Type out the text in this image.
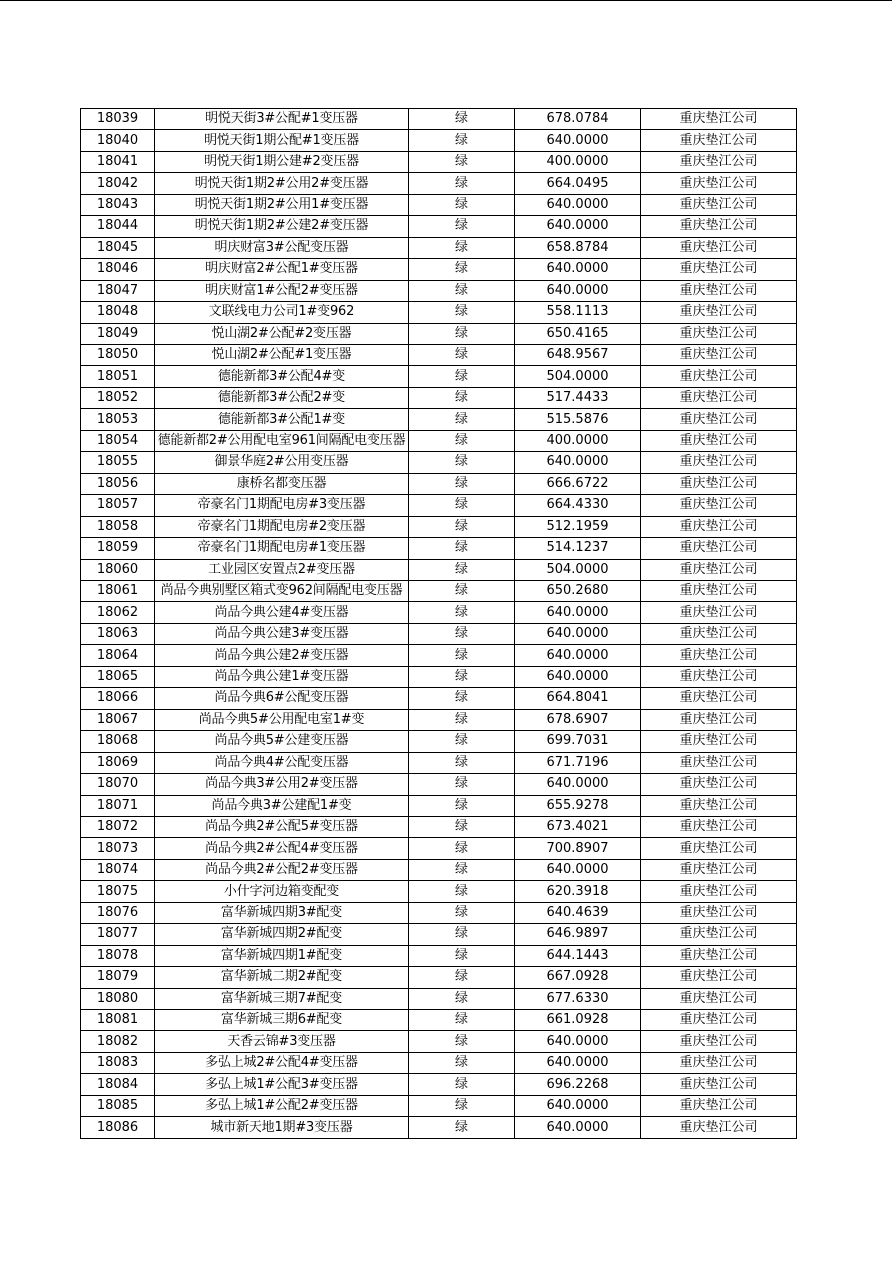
18039	明悦天街3#公配#1变压器	绿	678.0784	重庆垫江公司
18040	明悦天街1期公配#1变压器	绿	640.0000	重庆垫江公司
18041	明悦天街1期公建#2变压器	绿	400.0000	重庆垫江公司
18042	明悦天街1期2#公用2#变压器	绿	664.0495	重庆垫江公司
18043	明悦天街1期2#公用1#变压器	绿	640.0000	重庆垫江公司
18044	明悦天街1期2#公建2#变压器	绿	640.0000	重庆垫江公司
18045	明庆财富3#公配变压器	绿	658.8784	重庆垫江公司
18046	明庆财富2#公配1#变压器	绿	640.0000	重庆垫江公司
18047	明庆财富1#公配2#变压器	绿	640.0000	重庆垫江公司
18048	文联线电力公司1#变962	绿	558.1113	重庆垫江公司
18049	悦山湖2#公配#2变压器	绿	650.4165	重庆垫江公司
18050	悦山湖2#公配#1变压器	绿	648.9567	重庆垫江公司
18051	德能新都3#公配4#变	绿	504.0000	重庆垫江公司
18052	德能新都3#公配2#变	绿	517.4433	重庆垫江公司
18053	德能新都3#公配1#变	绿	515.5876	重庆垫江公司
18054	德能新都2#公用配电室961间隔配电变压器	绿	400.0000	重庆垫江公司
18055	御景华庭2#公用变压器	绿	640.0000	重庆垫江公司
18056	康桥名都变压器	绿	666.6722	重庆垫江公司
18057	帝豪名门1期配电房#3变压器	绿	664.4330	重庆垫江公司
18058	帝豪名门1期配电房#2变压器	绿	512.1959	重庆垫江公司
18059	帝豪名门1期配电房#1变压器	绿	514.1237	重庆垫江公司
18060	工业园区安置点2#变压器	绿	504.0000	重庆垫江公司
18061	尚品今典别墅区箱式变962间隔配电变压器	绿	650.2680	重庆垫江公司
18062	尚品今典公建4#变压器	绿	640.0000	重庆垫江公司
18063	尚品今典公建3#变压器	绿	640.0000	重庆垫江公司
18064	尚品今典公建2#变压器	绿	640.0000	重庆垫江公司
18065	尚品今典公建1#变压器	绿	640.0000	重庆垫江公司
18066	尚品今典6#公配变压器	绿	664.8041	重庆垫江公司
18067	尚品今典5#公用配电室1#变	绿	678.6907	重庆垫江公司
18068	尚品今典5#公建变压器	绿	699.7031	重庆垫江公司
18069	尚品今典4#公配变压器	绿	671.7196	重庆垫江公司
18070	尚品今典3#公用2#变压器	绿	640.0000	重庆垫江公司
18071	尚品今典3#公建配1#变	绿	655.9278	重庆垫江公司
18072	尚品今典2#公配5#变压器	绿	673.4021	重庆垫江公司
18073	尚品今典2#公配4#变压器	绿	700.8907	重庆垫江公司
18074	尚品今典2#公配2#变压器	绿	640.0000	重庆垫江公司
18075	小什字河边箱变配变	绿	620.3918	重庆垫江公司
18076	富华新城四期3#配变	绿	640.4639	重庆垫江公司
18077	富华新城四期2#配变	绿	646.9897	重庆垫江公司
18078	富华新城四期1#配变	绿	644.1443	重庆垫江公司
18079	富华新城二期2#配变	绿	667.0928	重庆垫江公司
18080	富华新城三期7#配变	绿	677.6330	重庆垫江公司
18081	富华新城三期6#配变	绿	661.0928	重庆垫江公司
18082	天香云锦#3变压器	绿	640.0000	重庆垫江公司
18083	多弘上城2#公配4#变压器	绿	640.0000	重庆垫江公司
18084	多弘上城1#公配3#变压器	绿	696.2268	重庆垫江公司
18085	多弘上城1#公配2#变压器	绿	640.0000	重庆垫江公司
18086	城市新天地1期#3变压器	绿	640.0000	重庆垫江公司
